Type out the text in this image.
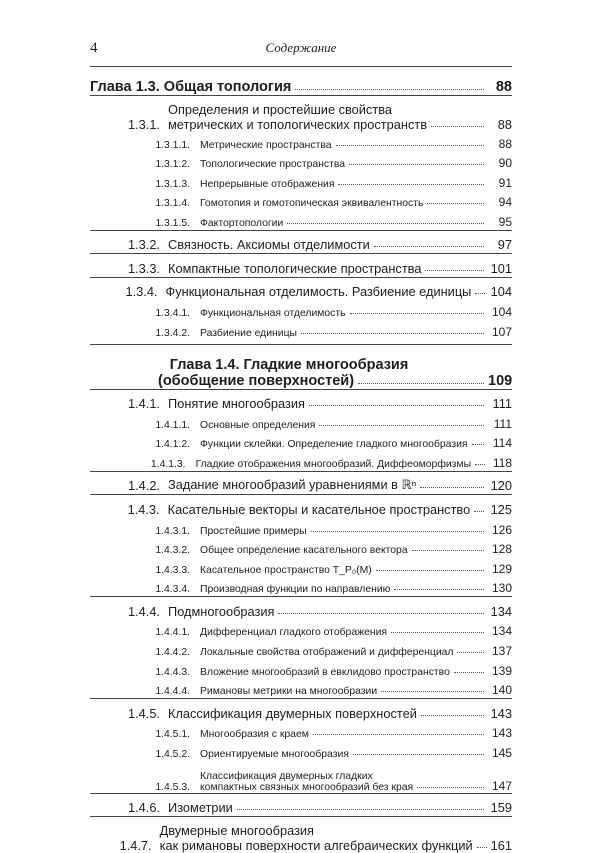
4	Содержание
Глава 1.3. Общая топология	88
1.3.1.
Определения и простейшие свойства
метрических и топологических пространств	88
1.3.1.1. Метрические пространства	88
1.3.1.2. Топологические пространства	90
1.3.1.3. Непрерывные отображения	91
1.3.1.4. Гомотопия и гомотопическая эквивалентность	94
1.3.1.5. Фактортопологии	95
1.3.2. Связность. Аксиомы отделимости	97
1.3.3. Компактные топологические пространства	101
1.3.4. Функциональная отделимость. Разбиение единицы 104
1.3.4.1. Функциональная отделимость	104
1.3.4.2. Разбиение единицы	107
Глава 1.4. Гладкие многообразия
(обобщение поверхностей)	109
1.4.1. Понятие многообразия	111
1.4.1.1. Основные определения	111
1.4.1.2. Функции склейки. Определение гладкого многообразия	114
1.4.1.3. Гладкие отображения многообразий. Диффеоморфизмы	118
1.4.2. Задание многообразий уравнениями в ℝⁿ	120
1.4.3. Касательные векторы и касательное пространство 125
1.4.3.1. Простейшие примеры	126
1.4.3.2. Общее определение касательного вектора	128
1.4.3.3. Касательное пространство T_P₀(M)	129
1.4.3.4. Производная функции по направлению	130
1.4.4. Подмногообразия	134
1.4.4.1. Дифференциал гладкого отображения	134
1.4.4.2. Локальные свойства отображений и дифференциал	137
1.4.4.3. Вложение многообразий в евклидово пространство	139
1.4.4.4. Римановы метрики на многообразии	140
1.4.5. Классификация двумерных поверхностей	143
1.4.5.1. Многообразия с краем	143
1.4.5.2. Ориентируемые многообразия	145
1.4.5.3.
Классификация двумерных гладких
компактных связных многообразий без края	147
1.4.6. Изометрии	159
1.4.7.
Двумерные многообразия
как римановы поверхности алгебраических функций 161
